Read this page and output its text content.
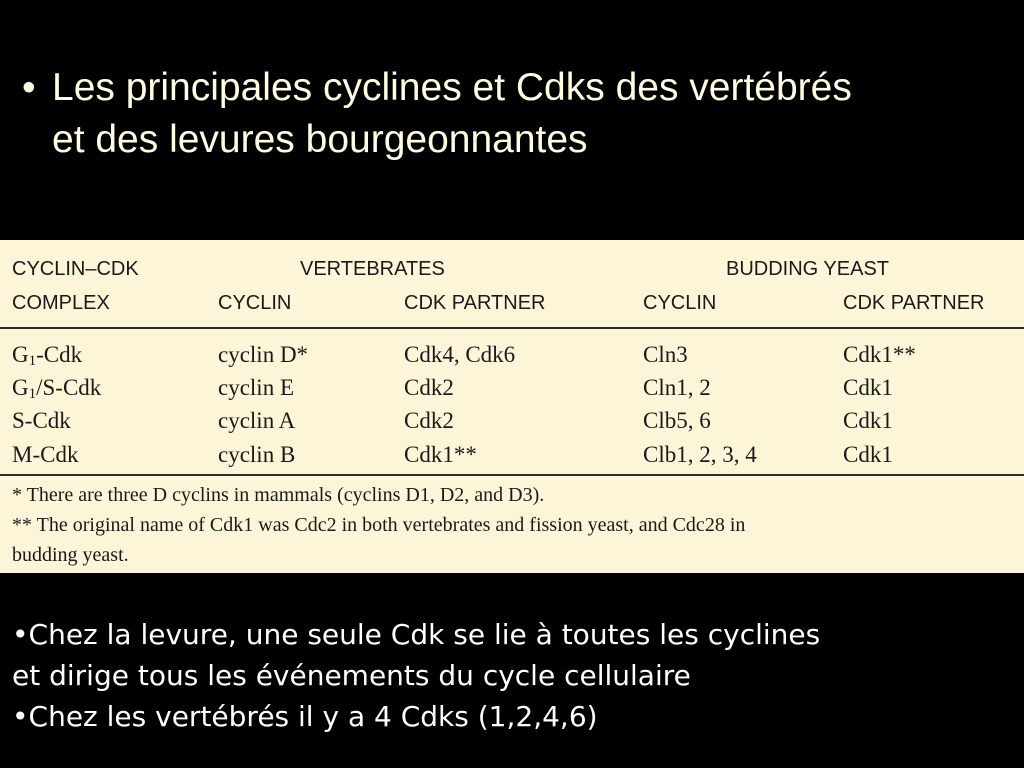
• Les principales cyclines et Cdks des vertébrés
et des levures bourgeonnantes
CYCLIN–CDK	VERTEBRATES	BUDDING YEAST
COMPLEX	CYCLIN	CDK PARTNER	CYCLIN	CDK PARTNER
$G_1$-Cdk	cyclin D*	Cdk4, Cdk6	Cln3	Cdk1**
$G_1/S$-Cdk	cyclin E	Cdk2	Cln1, 2	Cdk1
S-Cdk	cyclin A	Cdk2	Clb5, 6	Cdk1
M-Cdk	cyclin B	Cdk1**	Clb1, 2, 3, 4	Cdk1
* There are three D cyclins in mammals (cyclins D1, D2, and D3).
** The original name of Cdk1 was Cdc2 in both vertebrates and fission yeast, and Cdc28 in
budding yeast.
•Chez la levure, une seule Cdk se lie à toutes les cyclines
et dirige tous les événements du cycle cellulaire
•Chez les vertébrés il y a 4 Cdks (1,2,4,6)
